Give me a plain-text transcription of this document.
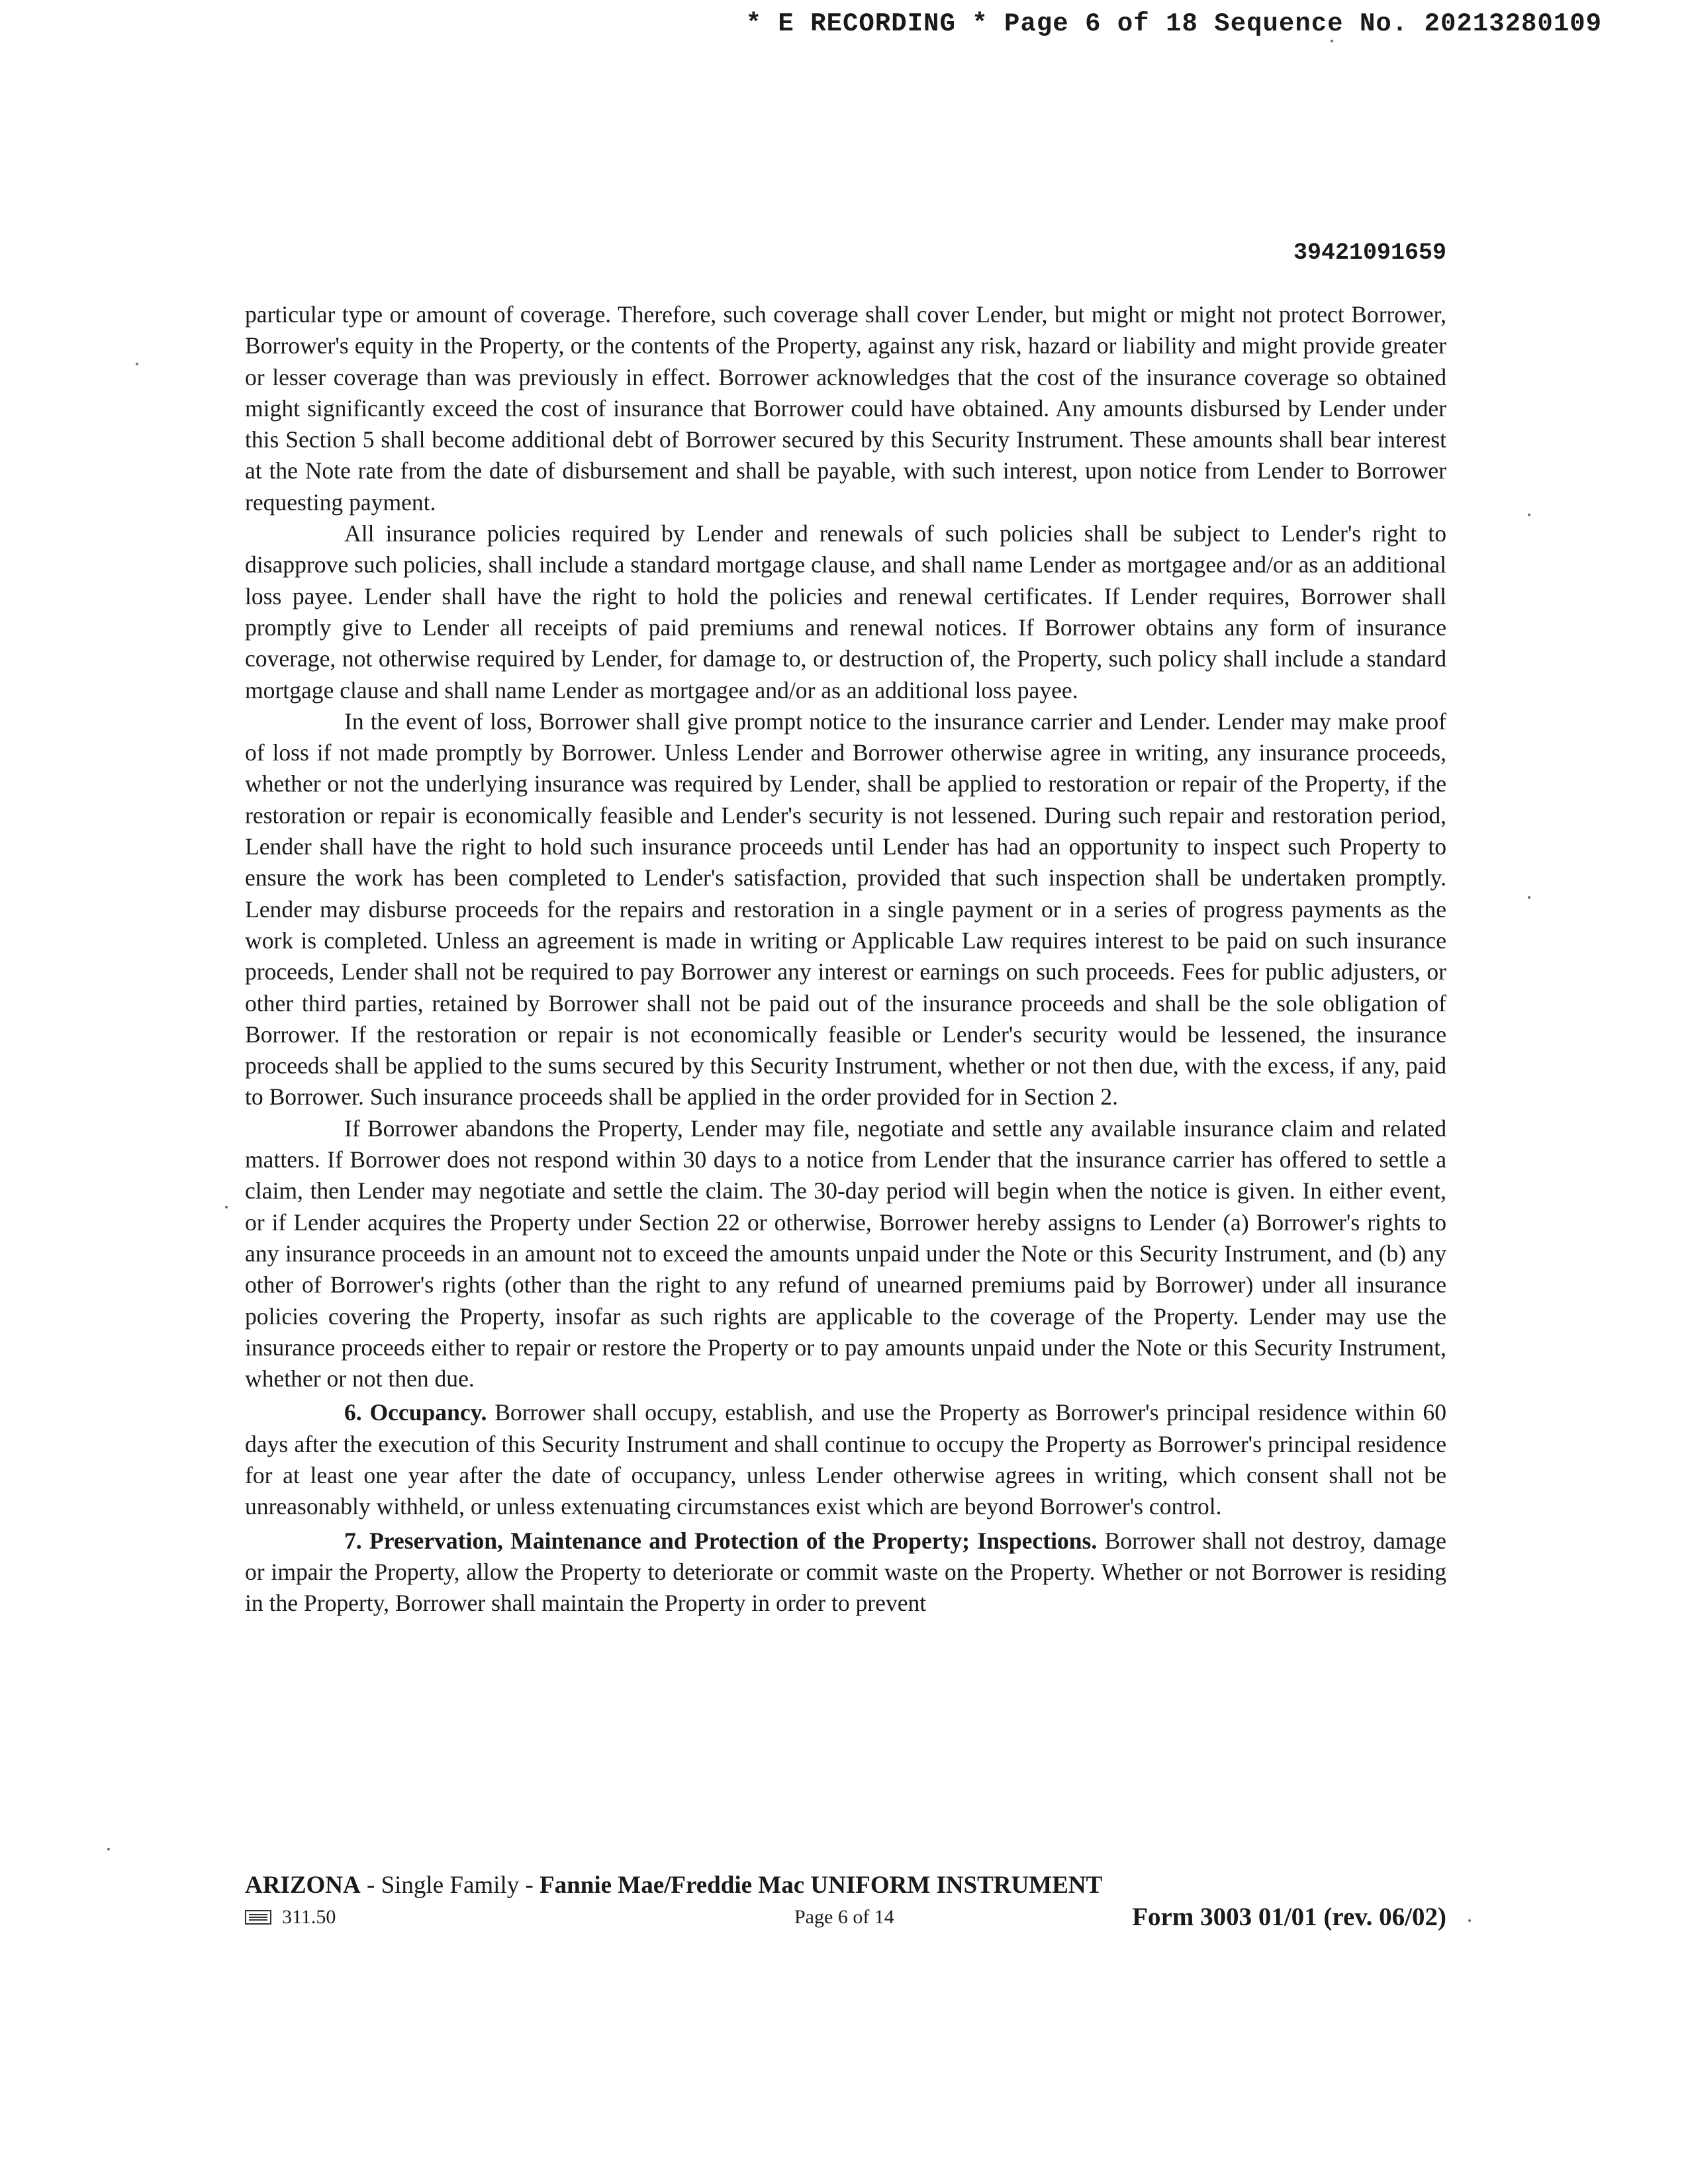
* E RECORDING * Page 6 of 18 Sequence No. 20213280109
39421091659

particular type or amount of coverage. Therefore, such coverage shall cover Lender, but might or might not protect Borrower, Borrower's equity in the Property, or the contents of the Property, against any risk, hazard or liability and might provide greater or lesser coverage than was previously in effect. Borrower acknowledges that the cost of the insurance coverage so obtained might significantly exceed the cost of insurance that Borrower could have obtained. Any amounts disbursed by Lender under this Section 5 shall become additional debt of Borrower secured by this Security Instrument. These amounts shall bear interest at the Note rate from the date of disbursement and shall be payable, with such interest, upon notice from Lender to Borrower requesting payment.

All insurance policies required by Lender and renewals of such policies shall be subject to Lender's right to disapprove such policies, shall include a standard mortgage clause, and shall name Lender as mortgagee and/or as an additional loss payee. Lender shall have the right to hold the policies and renewal certificates. If Lender requires, Borrower shall promptly give to Lender all receipts of paid premiums and renewal notices. If Borrower obtains any form of insurance coverage, not otherwise required by Lender, for damage to, or destruction of, the Property, such policy shall include a standard mortgage clause and shall name Lender as mortgagee and/or as an additional loss payee.

In the event of loss, Borrower shall give prompt notice to the insurance carrier and Lender. Lender may make proof of loss if not made promptly by Borrower. Unless Lender and Borrower otherwise agree in writing, any insurance proceeds, whether or not the underlying insurance was required by Lender, shall be applied to restoration or repair of the Property, if the restoration or repair is economically feasible and Lender's security is not lessened. During such repair and restoration period, Lender shall have the right to hold such insurance proceeds until Lender has had an opportunity to inspect such Property to ensure the work has been completed to Lender's satisfaction, provided that such inspection shall be undertaken promptly. Lender may disburse proceeds for the repairs and restoration in a single payment or in a series of progress payments as the work is completed. Unless an agreement is made in writing or Applicable Law requires interest to be paid on such insurance proceeds, Lender shall not be required to pay Borrower any interest or earnings on such proceeds. Fees for public adjusters, or other third parties, retained by Borrower shall not be paid out of the insurance proceeds and shall be the sole obligation of Borrower. If the restoration or repair is not economically feasible or Lender's security would be lessened, the insurance proceeds shall be applied to the sums secured by this Security Instrument, whether or not then due, with the excess, if any, paid to Borrower. Such insurance proceeds shall be applied in the order provided for in Section 2.

If Borrower abandons the Property, Lender may file, negotiate and settle any available insurance claim and related matters. If Borrower does not respond within 30 days to a notice from Lender that the insurance carrier has offered to settle a claim, then Lender may negotiate and settle the claim. The 30-day period will begin when the notice is given. In either event, or if Lender acquires the Property under Section 22 or otherwise, Borrower hereby assigns to Lender (a) Borrower's rights to any insurance proceeds in an amount not to exceed the amounts unpaid under the Note or this Security Instrument, and (b) any other of Borrower's rights (other than the right to any refund of unearned premiums paid by Borrower) under all insurance policies covering the Property, insofar as such rights are applicable to the coverage of the Property. Lender may use the insurance proceeds either to repair or restore the Property or to pay amounts unpaid under the Note or this Security Instrument, whether or not then due.

6. Occupancy. Borrower shall occupy, establish, and use the Property as Borrower's principal residence within 60 days after the execution of this Security Instrument and shall continue to occupy the Property as Borrower's principal residence for at least one year after the date of occupancy, unless Lender otherwise agrees in writing, which consent shall not be unreasonably withheld, or unless extenuating circumstances exist which are beyond Borrower's control.

7. Preservation, Maintenance and Protection of the Property; Inspections. Borrower shall not destroy, damage or impair the Property, allow the Property to deteriorate or commit waste on the Property. Whether or not Borrower is residing in the Property, Borrower shall maintain the Property in order to prevent

ARIZONA - Single Family - Fannie Mae/Freddie Mac UNIFORM INSTRUMENT
311.50	Page 6 of 14	Form 3003 01/01 (rev. 06/02)
